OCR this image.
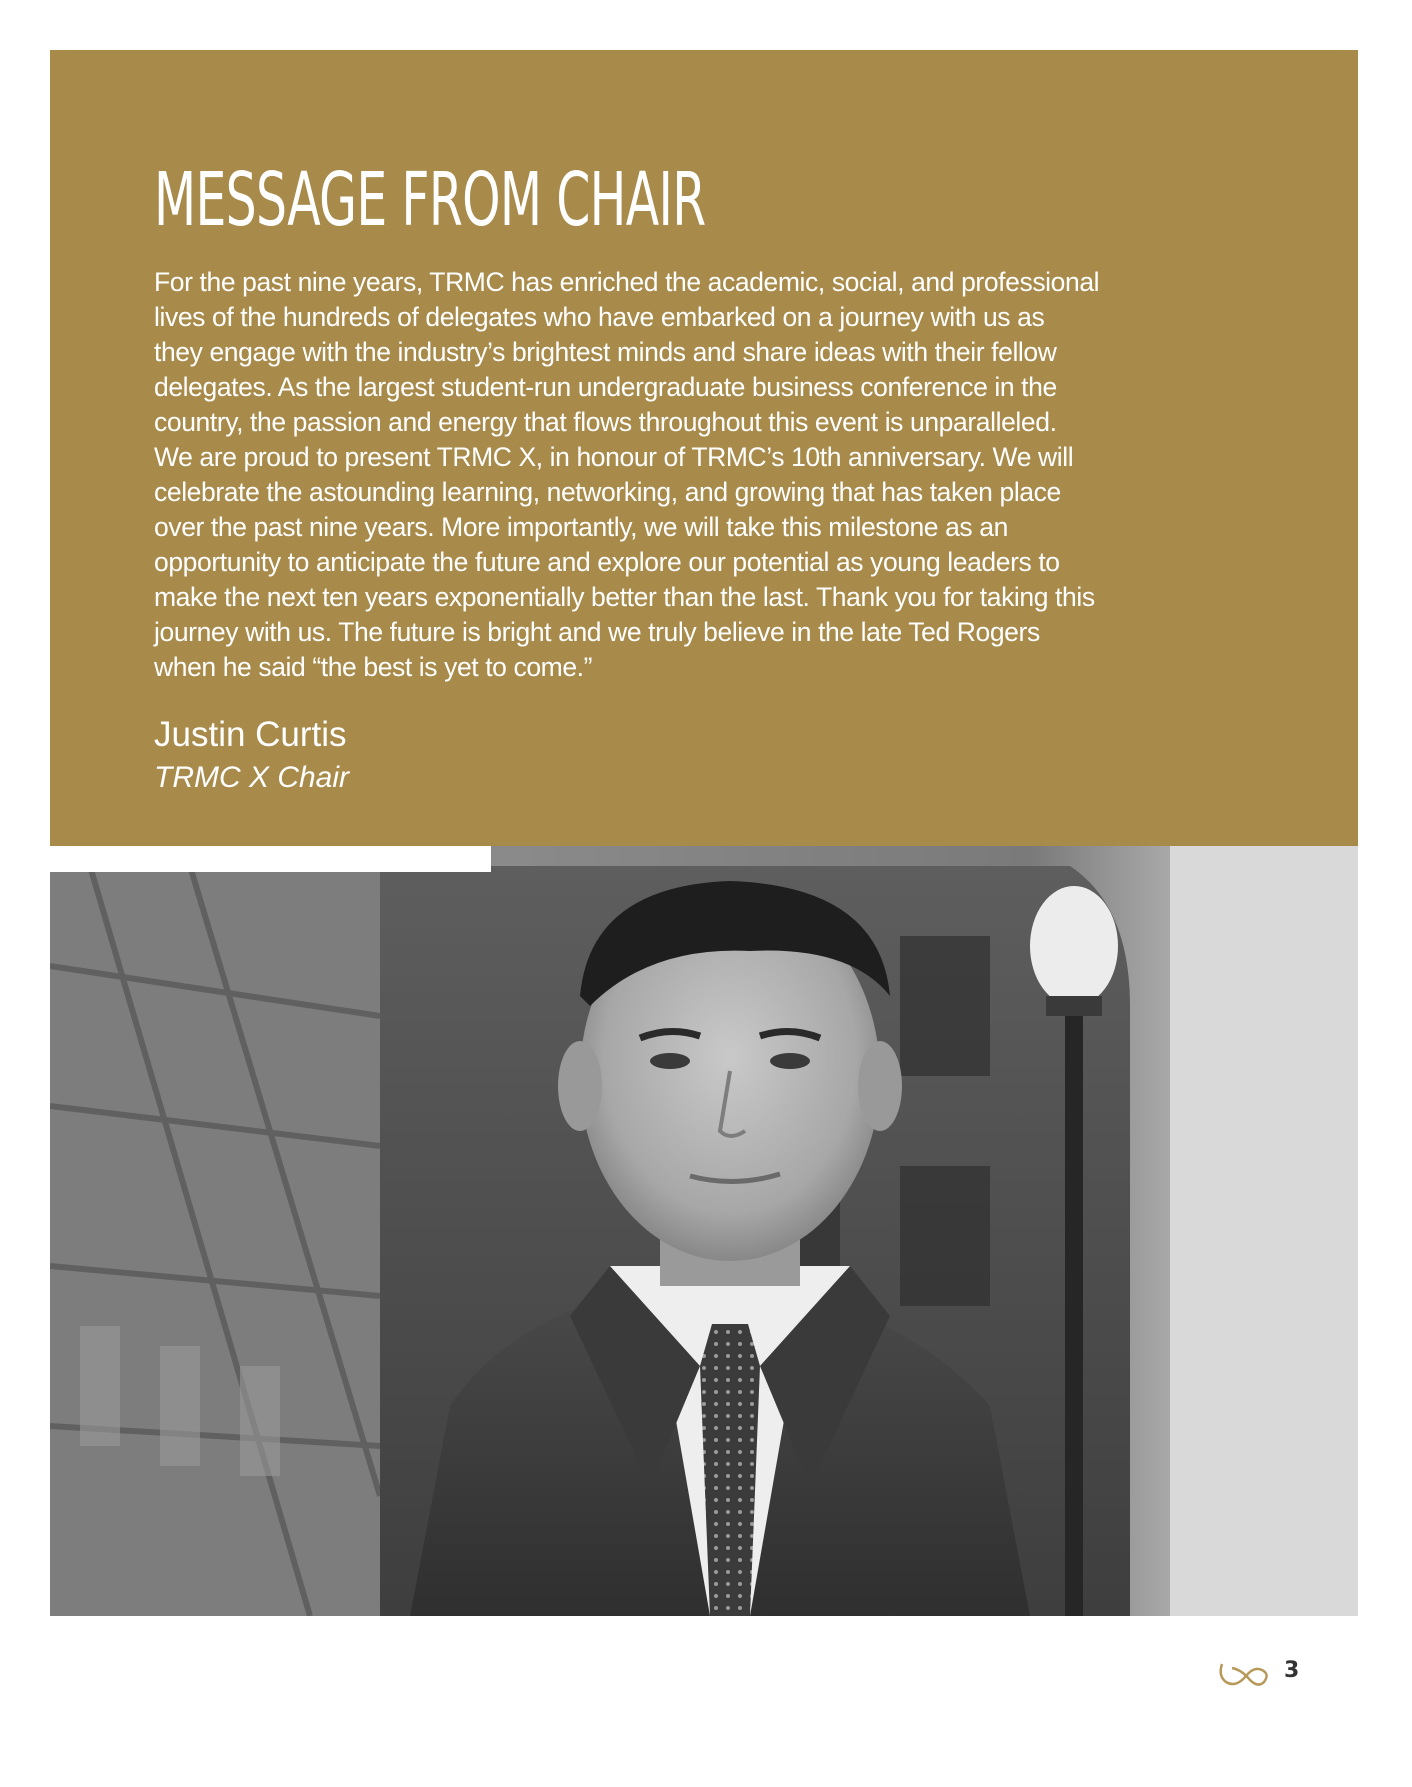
MESSAGE FROM CHAIR
For the past nine years, TRMC has enriched the academic, social, and professional
lives of the hundreds of delegates who have embarked on a journey with us as
they engage with the industry’s brightest minds and share ideas with their fellow
delegates. As the largest student-run undergraduate business conference in the
country, the passion and energy that flows throughout this event is unparalleled.
We are proud to present TRMC X, in honour of TRMC’s 10th anniversary. We will
celebrate the astounding learning, networking, and growing that has taken place
over the past nine years. More importantly, we will take this milestone as an
opportunity to anticipate the future and explore our potential as young leaders to
make the next ten years exponentially better than the last. Thank you for taking this
journey with us. The future is bright and we truly believe in the late Ted Rogers
when he said “the best is yet to come.”
Justin Curtis
TRMC X Chair
3
